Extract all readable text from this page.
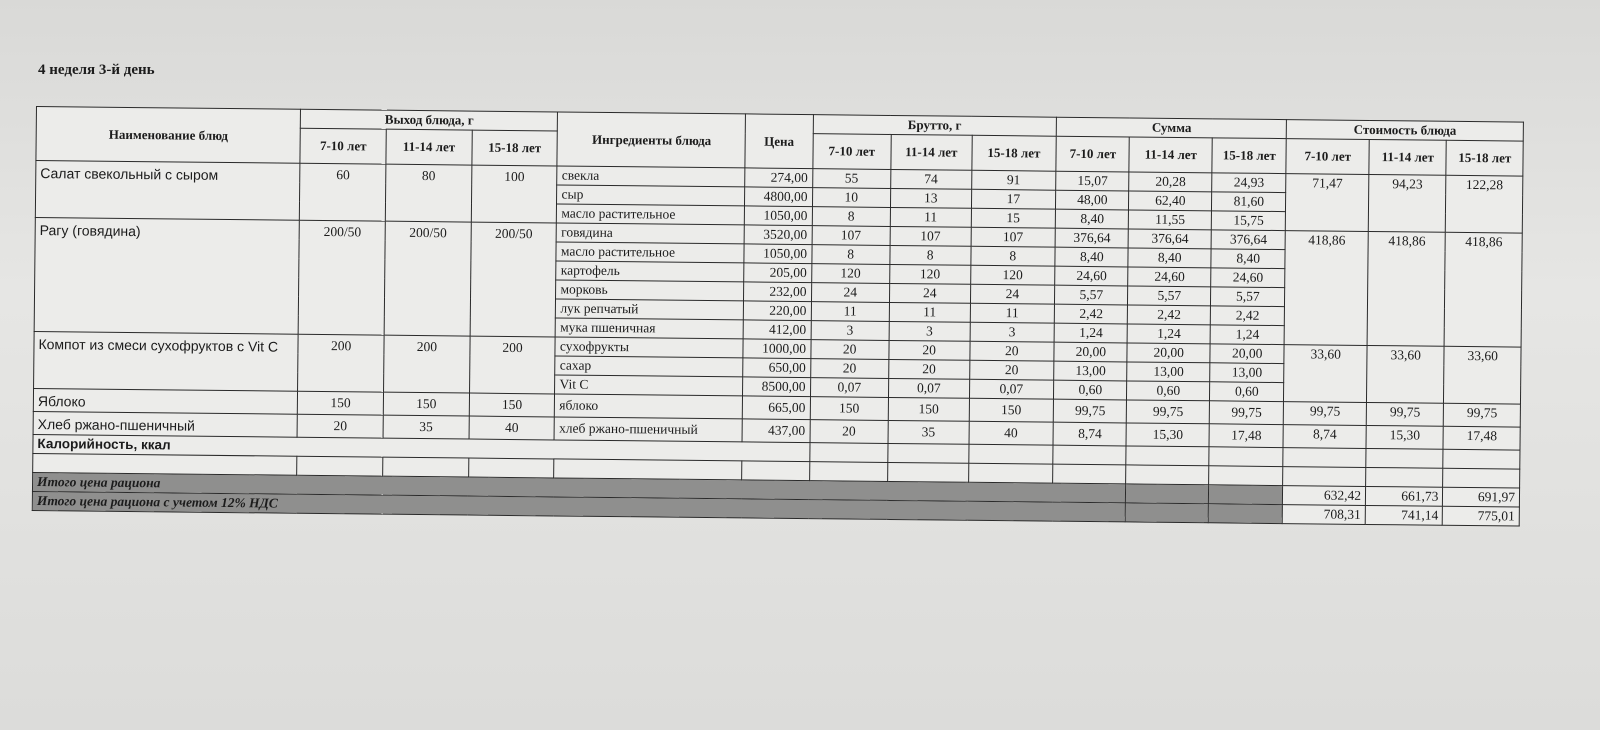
4 неделя 3-й день
Наименование блюд	Выход блюда, г			Ингредиенты блюда	Цена	Брутто, г			Сумма			Стоимость блюда		
	7-10 лет	11-14 лет	15-18 лет			7-10 лет	11-14 лет	15-18 лет	7-10 лет	11-14 лет	15-18 лет	7-10 лет	11-14 лет	15-18 лет
Салат свекольный с сыром	60	80	100	свекла	274,00	55	74	91	15,07	20,28	24,93	71,47	94,23	122,28
				сыр	4800,00	10	13	17	48,00	62,40	81,60			
				масло растительное	1050,00	8	11	15	8,40	11,55	15,75			
Рагу (говядина)	200/50	200/50	200/50	говядина	3520,00	107	107	107	376,64	376,64	376,64	418,86	418,86	418,86
				масло растительное	1050,00	8	8	8	8,40	8,40	8,40			
				картофель	205,00	120	120	120	24,60	24,60	24,60			
				морковь	232,00	24	24	24	5,57	5,57	5,57			
				лук репчатый	220,00	11	11	11	2,42	2,42	2,42			
				мука пшеничная	412,00	3	3	3	1,24	1,24	1,24			
Компот из смеси сухофруктов с Vit C	200	200	200	сухофрукты	1000,00	20	20	20	20,00	20,00	20,00	33,60	33,60	33,60
				сахар	650,00	20	20	20	13,00	13,00	13,00			
				Vit C	8500,00	0,07	0,07	0,07	0,60	0,60	0,60			
Яблоко	150	150	150	яблоко	665,00	150	150	150	99,75	99,75	99,75	99,75	99,75	99,75
Хлеб ржано-пшеничный	20	35	40	хлеб ржано-пшеничный	437,00	20	35	40	8,74	15,30	17,48	8,74	15,30	17,48
Калорийность, ккал														

Итого цена рациона												632,42	661,73	691,97
Итого цена рациона с учетом 12% НДС												708,31	741,14	775,01
